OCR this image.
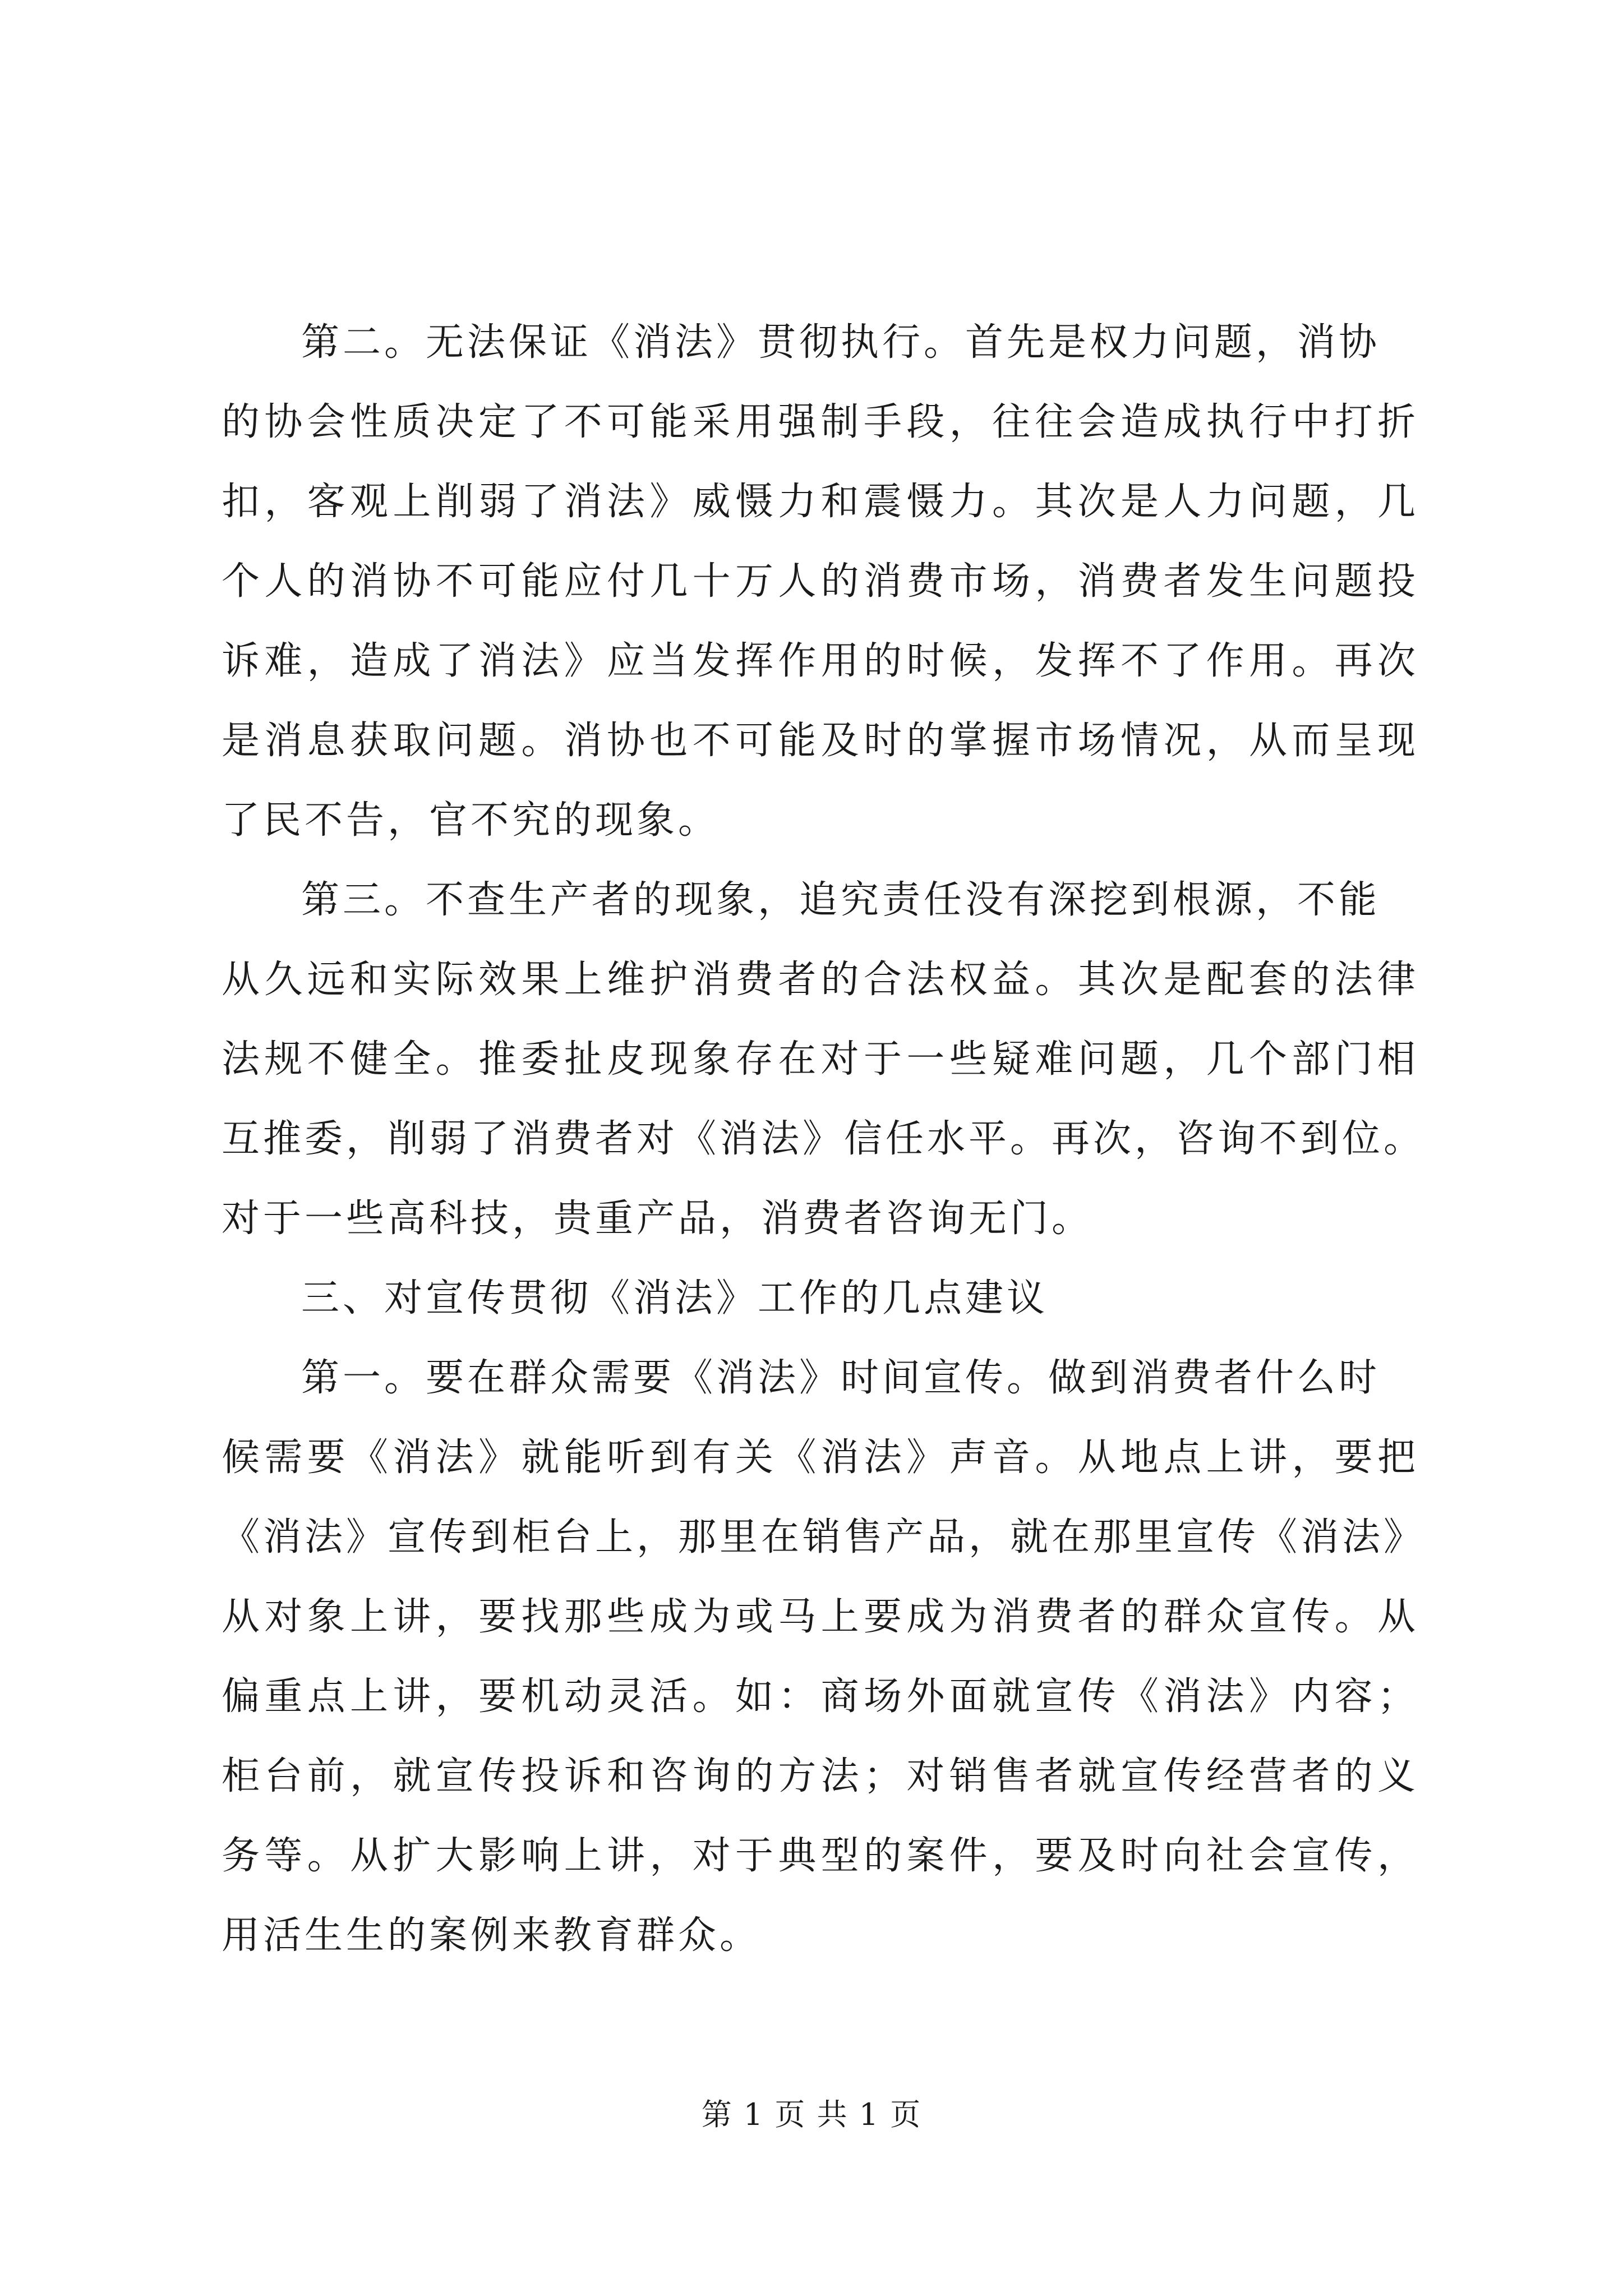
第二。无法保证《消法》贯彻执行。首先是权力问题，消协
的协会性质决定了不可能采用强制手段，往往会造成执行中打折
扣，客观上削弱了消法》威慑力和震慑力。其次是人力问题，几
个人的消协不可能应付几十万人的消费市场，消费者发生问题投
诉难，造成了消法》应当发挥作用的时候，发挥不了作用。再次
是消息获取问题。消协也不可能及时的掌握市场情况，从而呈现
了民不告，官不究的现象。
第三。不查生产者的现象，追究责任没有深挖到根源，不能
从久远和实际效果上维护消费者的合法权益。其次是配套的法律
法规不健全。推委扯皮现象存在对于一些疑难问题，几个部门相
互推委，削弱了消费者对《消法》信任水平。再次，咨询不到位。
对于一些高科技，贵重产品，消费者咨询无门。
三、对宣传贯彻《消法》工作的几点建议
第一。要在群众需要《消法》时间宣传。做到消费者什么时
候需要《消法》就能听到有关《消法》声音。从地点上讲，要把
《消法》宣传到柜台上，那里在销售产品，就在那里宣传《消法》
从对象上讲，要找那些成为或马上要成为消费者的群众宣传。从
偏重点上讲，要机动灵活。如：商场外面就宣传《消法》内容；
柜台前，就宣传投诉和咨询的方法；对销售者就宣传经营者的义
务等。从扩大影响上讲，对于典型的案件，要及时向社会宣传，
用活生生的案例来教育群众。
第 1 页 共 1 页
